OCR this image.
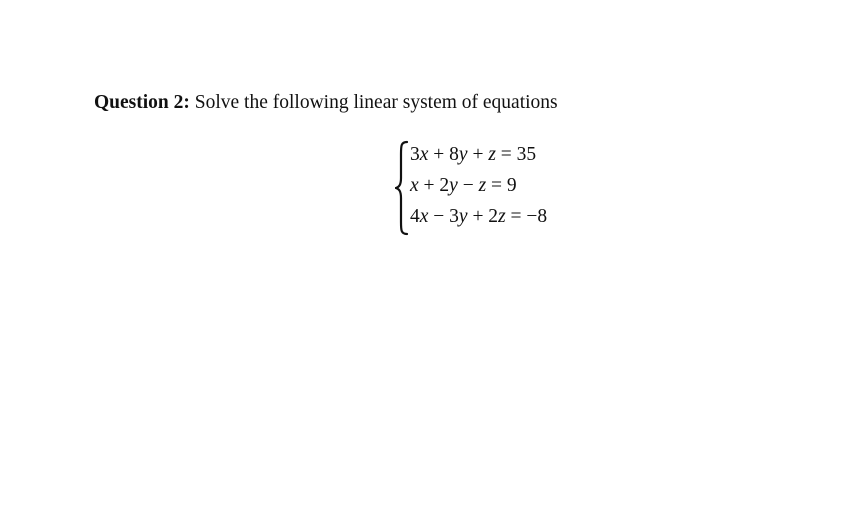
Question 2: Solve the following linear system of equations
3x + 8y + z = 35
x + 2y − z = 9
4x − 3y + 2z = −8
